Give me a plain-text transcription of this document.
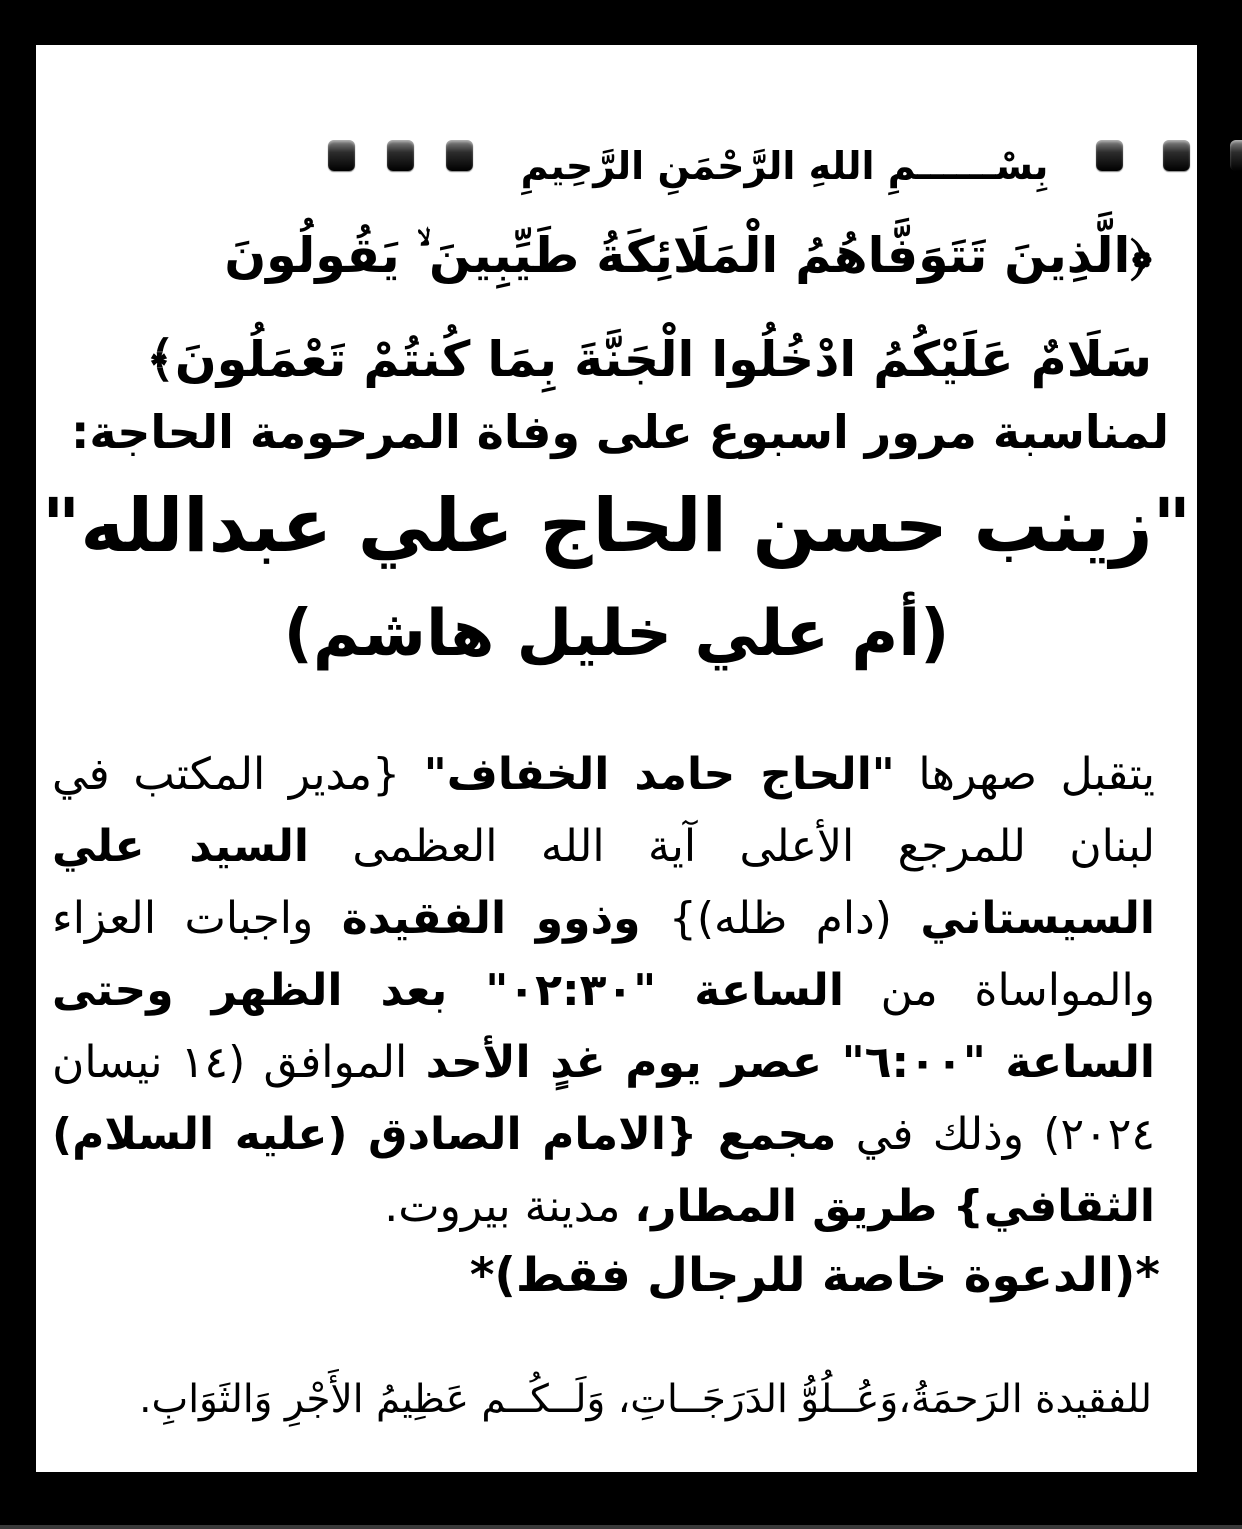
بِسْــــــمِ اللهِ الرَّحْمَنِ الرَّحِيمِ
﴿الَّذِينَ تَتَوَفَّاهُمُ الْمَلَائِكَةُ طَيِّبِينَ ۙ يَقُولُونَ
سَلَامٌ عَلَيْكُمُ ادْخُلُوا الْجَنَّةَ بِمَا كُنتُمْ تَعْمَلُونَ﴾
لمناسبة مرور اسبوع على وفاة المرحومة الحاجة:
"زينب حسن الحاج علي عبدالله"
(أم علي خليل هاشم)
يتقبل صهرها "الحاج حامد الخفاف" {مدير المكتب في لبنان للمرجع الأعلى آية الله العظمى السيد علي السيستاني (دام ظله)} وذوو الفقيدة واجبات العزاء والمواساة من الساعة "٠٢:٣٠" بعد الظهر وحتى الساعة "٦:٠٠" عصر يوم غدٍ الأحد الموافق (١٤ نيسان ٢٠٢٤) وذلك في مجمع {الامام الصادق (عليه السلام) الثقافي} طريق المطار، مدينة بيروت.
*(الدعوة خاصة للرجال فقط)*
للفقيدة الرَحمَةُ،وَعُــلُوُّ الدَرَجَــاتِ، وَلَــكُــم عَظِيمُ الأَجْرِ وَالثَوَابِ.
